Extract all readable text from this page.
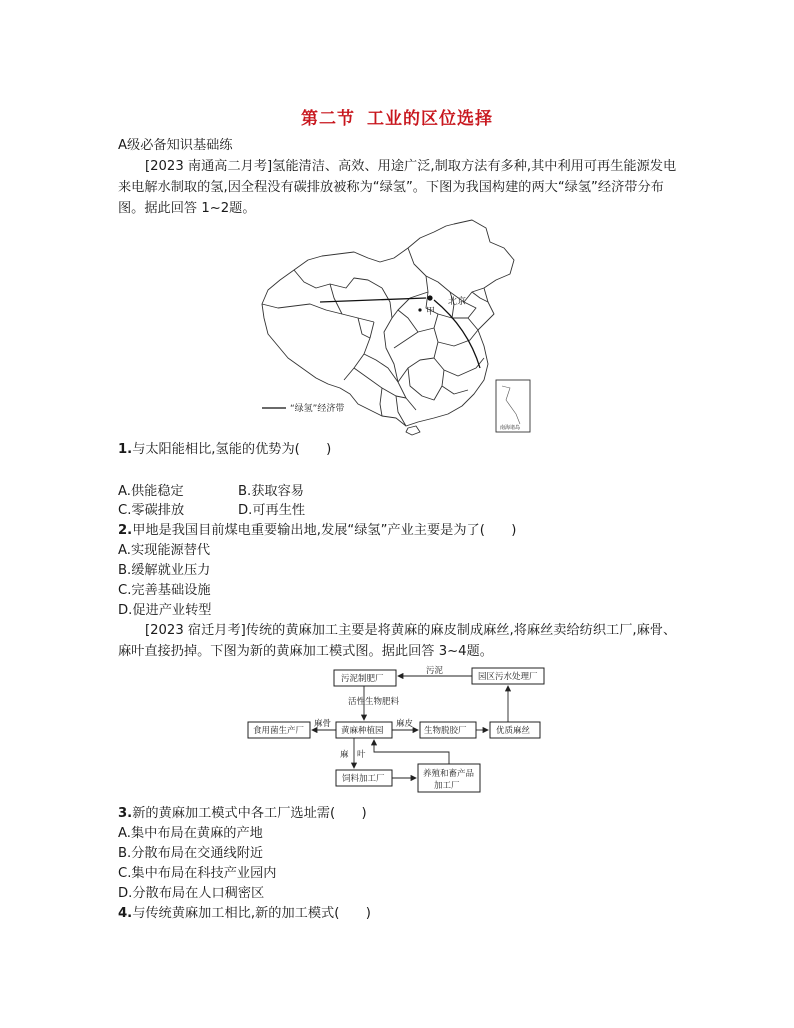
第二节 工业的区位选择
A级必备知识基础练
[2023 南通高二月考]氢能清洁、高效、用途广泛,制取方法有多种,其中利用可再生能源发电来电解水制取的氢,因全程没有碳排放被称为“绿氢”。下图为我国构建的两大“绿氢”经济带分布图。据此回答 1~2题。
北京
甲
“绿氢”经济带
南海诸岛
1.与太阳能相比,氢能的优势为(　　)
A.供能稳定	B.获取容易
C.零碳排放	D.可再生性
2.甲地是我国目前煤电重要输出地,发展“绿氢”产业主要是为了(　　)
A.实现能源替代
B.缓解就业压力
C.完善基础设施
D.促进产业转型
[2023 宿迁月考]传统的黄麻加工主要是将黄麻的麻皮制成麻丝,将麻丝卖给纺织工厂,麻骨、麻叶直接扔掉。下图为新的黄麻加工模式图。据此回答 3~4题。
污泥制肥厂	园区污水处理厂
食用菌生产厂	黄麻种植园	生物脱胶厂	优质麻丝
饲料加工厂	养殖和畜产品
加工厂
污泥
活性生物肥料
麻骨	麻皮
麻　叶
3.新的黄麻加工模式中各工厂选址需(　　)
A.集中布局在黄麻的产地
B.分散布局在交通线附近
C.集中布局在科技产业园内
D.分散布局在人口稠密区
4.与传统黄麻加工相比,新的加工模式(　　)
